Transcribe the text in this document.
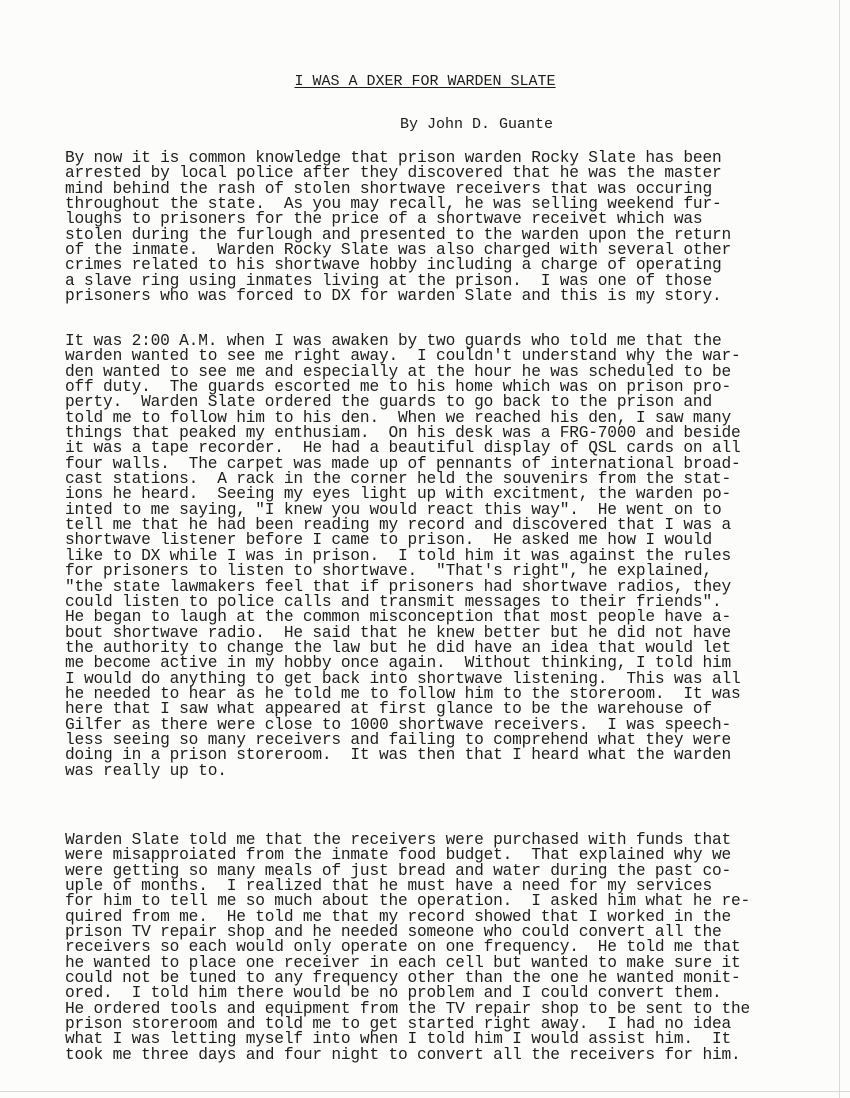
I WAS A DXER FOR WARDEN SLATE

By John D. Guante

By now it is common knowledge that prison warden Rocky Slate has been
arrested by local police after they discovered that he was the master
mind behind the rash of stolen shortwave receivers that was occuring
throughout the state.  As you may recall, he was selling weekend fur-
loughs to prisoners for the price of a shortwave receivet which was
stolen during the furlough and presented to the warden upon the return
of the inmate.  Warden Rocky Slate was also charged with several other
crimes related to his shortwave hobby including a charge of operating
a slave ring using inmates living at the prison.  I was one of those
prisoners who was forced to DX for warden Slate and this is my story.

It was 2:00 A.M. when I was awaken by two guards who told me that the
warden wanted to see me right away.  I couldn't understand why the war-
den wanted to see me and especially at the hour he was scheduled to be
off duty.  The guards escorted me to his home which was on prison pro-
perty.  Warden Slate ordered the guards to go back to the prison and
told me to follow him to his den.  When we reached his den, I saw many
things that peaked my enthusiam.  On his desk was a FRG-7000 and beside
it was a tape recorder.  He had a beautiful display of QSL cards on all
four walls.  The carpet was made up of pennants of international broad-
cast stations.  A rack in the corner held the souvenirs from the stat-
ions he heard.  Seeing my eyes light up with excitment, the warden po-
inted to me saying, "I knew you would react this way".  He went on to
tell me that he had been reading my record and discovered that I was a
shortwave listener before I came to prison.  He asked me how I would
like to DX while I was in prison.  I told him it was against the rules
for prisoners to listen to shortwave.  "That's right", he explained,
"the state lawmakers feel that if prisoners had shortwave radios, they
could listen to police calls and transmit messages to their friends".
He began to laugh at the common misconception that most people have a-
bout shortwave radio.  He said that he knew better but he did not have
the authority to change the law but he did have an idea that would let
me become active in my hobby once again.  Without thinking, I told him
I would do anything to get back into shortwave listening.  This was all
he needed to hear as he told me to follow him to the storeroom.  It was
here that I saw what appeared at first glance to be the warehouse of
Gilfer as there were close to 1000 shortwave receivers.  I was speech-
less seeing so many receivers and failing to comprehend what they were
doing in a prison storeroom.  It was then that I heard what the warden
was really up to.

Warden Slate told me that the receivers were purchased with funds that
were misapproiated from the inmate food budget.  That explained why we
were getting so many meals of just bread and water during the past co-
uple of months.  I realized that he must have a need for my services
for him to tell me so much about the operation.  I asked him what he re-
quired from me.  He told me that my record showed that I worked in the
prison TV repair shop and he needed someone who could convert all the
receivers so each would only operate on one frequency.  He told me that
he wanted to place one receiver in each cell but wanted to make sure it
could not be tuned to any frequency other than the one he wanted monit-
ored.  I told him there would be no problem and I could convert them.
He ordered tools and equipment from the TV repair shop to be sent to the
prison storeroom and told me to get started right away.  I had no idea
what I was letting myself into when I told him I would assist him.  It
took me three days and four night to convert all the receivers for him.
